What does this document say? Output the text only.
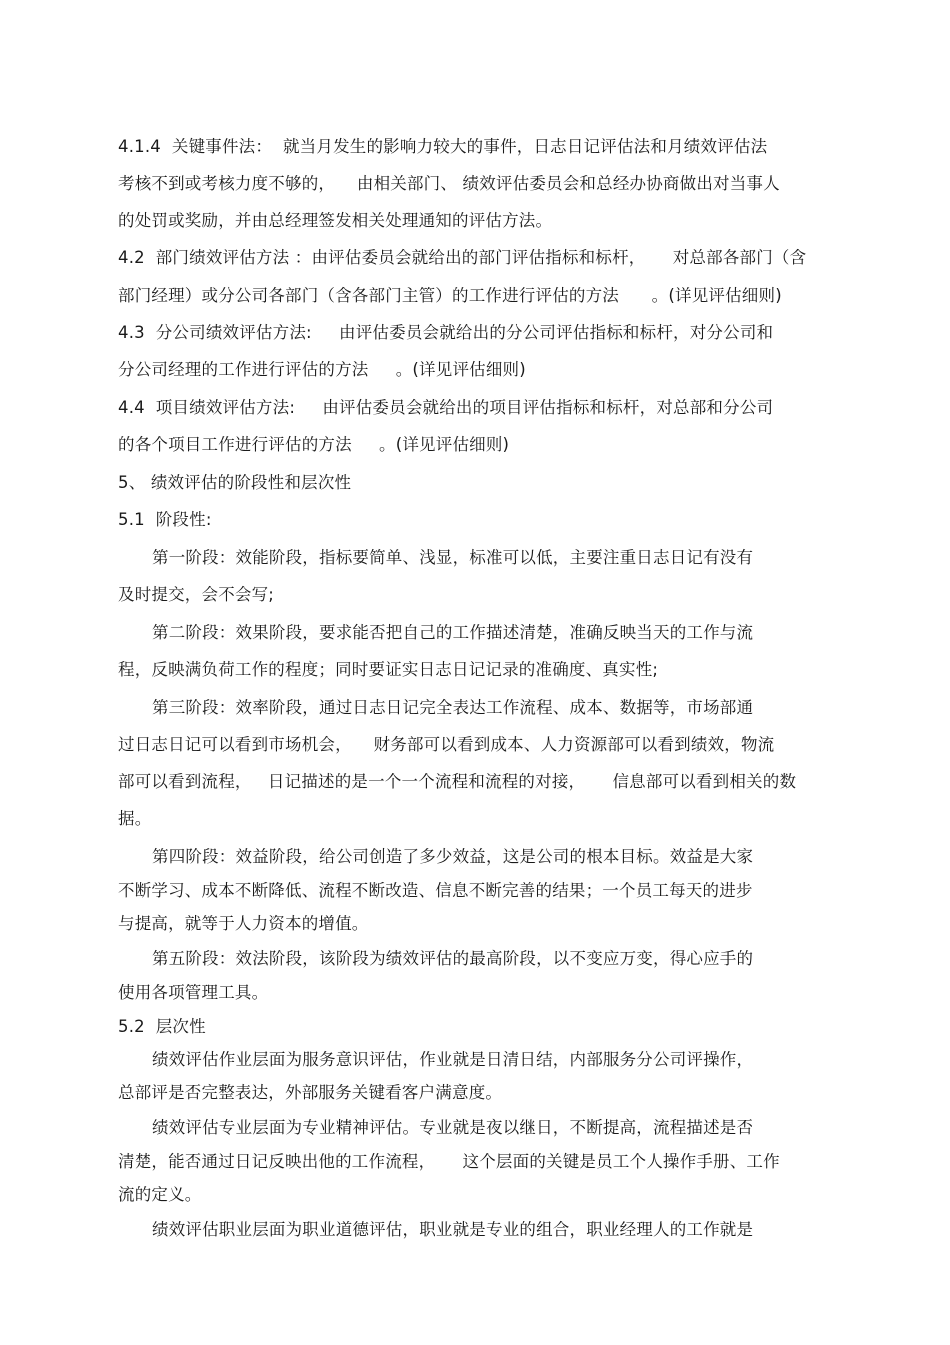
4.1.4  关键事件法：  就当月发生的影响力较大的事件，日志日记评估法和月绩效评估法
考核不到或考核力度不够的，    由相关部门、 绩效评估委员会和总经办协商做出对当事人
的处罚或奖励，并由总经理签发相关处理通知的评估方法。
4.2  部门绩效评估方法 ：由评估委员会就给出的部门评估指标和标杆，     对总部各部门（含
部门经理）或分公司各部门（含各部门主管）的工作进行评估的方法      。(详见评估细则)
4.3  分公司绩效评估方法:     由评估委员会就给出的分公司评估指标和标杆，对分公司和
分公司经理的工作进行评估的方法     。(详见评估细则)
4.4  项目绩效评估方法:     由评估委员会就给出的项目评估指标和标杆，对总部和分公司
的各个项目工作进行评估的方法     。(详见评估细则)
5、 绩效评估的阶段性和层次性
5.1  阶段性:
第一阶段：效能阶段，指标要简单、浅显，标准可以低，主要注重日志日记有没有
及时提交，会不会写;
第二阶段：效果阶段，要求能否把自己的工作描述清楚，准确反映当天的工作与流
程，反映满负荷工作的程度；同时要证实日志日记记录的准确度、真实性;
第三阶段：效率阶段，通过日志日记完全表达工作流程、成本、数据等，市场部通
过日志日记可以看到市场机会，    财务部可以看到成本、人力资源部可以看到绩效，物流
部可以看到流程，   日记描述的是一个一个流程和流程的对接，     信息部可以看到相关的数
据。
第四阶段：效益阶段，给公司创造了多少效益，这是公司的根本目标。效益是大家
不断学习、成本不断降低、流程不断改造、信息不断完善的结果；一个员工每天的进步
与提高，就等于人力资本的增值。
第五阶段：效法阶段，该阶段为绩效评估的最高阶段，以不变应万变，得心应手的
使用各项管理工具。
5.2  层次性
绩效评估作业层面为服务意识评估，作业就是日清日结，内部服务分公司评操作，
总部评是否完整表达，外部服务关键看客户满意度。
绩效评估专业层面为专业精神评估。专业就是夜以继日，不断提高，流程描述是否
清楚，能否通过日记反映出他的工作流程，     这个层面的关键是员工个人操作手册、工作
流的定义。
绩效评估职业层面为职业道德评估，职业就是专业的组合，职业经理人的工作就是
